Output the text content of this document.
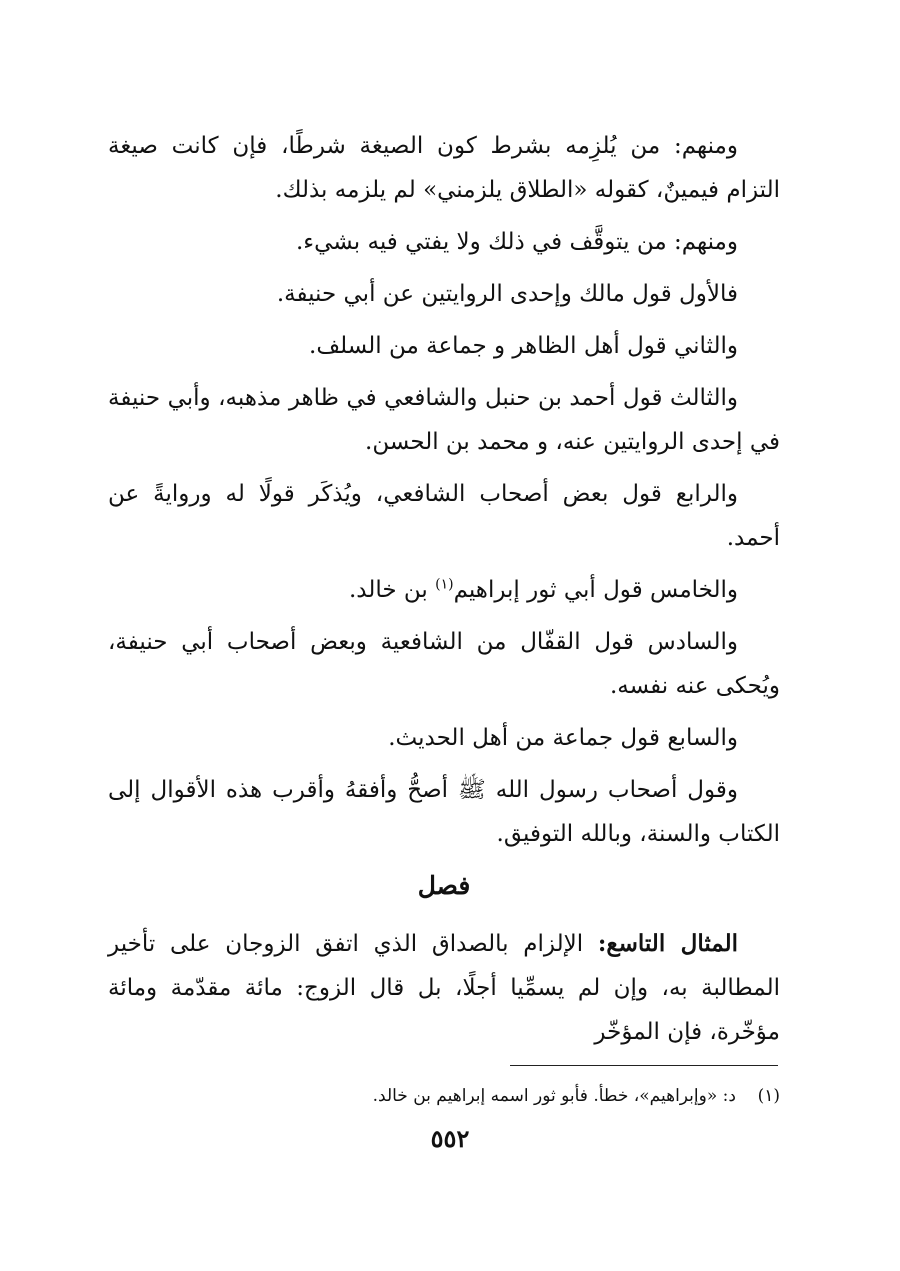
ومنهم: من يُلزِمه بشرط كون الصيغة شرطًا، فإن كانت صيغة التزام فيمينٌ، كقوله «الطلاق يلزمني» لم يلزمه بذلك.
ومنهم: من يتوقَّف في ذلك ولا يفتي فيه بشيء.
فالأول قول مالك وإحدى الروايتين عن أبي حنيفة.
والثاني قول أهل الظاهر و جماعة من السلف.
والثالث قول أحمد بن حنبل والشافعي في ظاهر مذهبه، وأبي حنيفة في إحدى الروايتين عنه، و محمد بن الحسن.
والرابع قول بعض أصحاب الشافعي، ويُذكَر قولًا له وروايةً عن أحمد.
والخامس قول أبي ثور إبراهيم$^{(١)}$ بن خالد.
والسادس قول القفّال من الشافعية وبعض أصحاب أبي حنيفة، ويُحكى عنه نفسه.
والسابع قول جماعة من أهل الحديث.
وقول أصحاب رسول الله ﷺ أصحُّ وأفقهُ وأقرب هذه الأقوال إلى الكتاب والسنة، وبالله التوفيق.
فصل
المثال التاسع: الإلزام بالصداق الذي اتفق الزوجان على تأخير المطالبة به، وإن لم يسمِّيا أجلًا، بل قال الزوج: مائة مقدّمة ومائة مؤخّرة، فإن المؤخّر
(١)    د: «وإبراهيم»، خطأ. فأبو ثور اسمه إبراهيم بن خالد.
٥٥٢
